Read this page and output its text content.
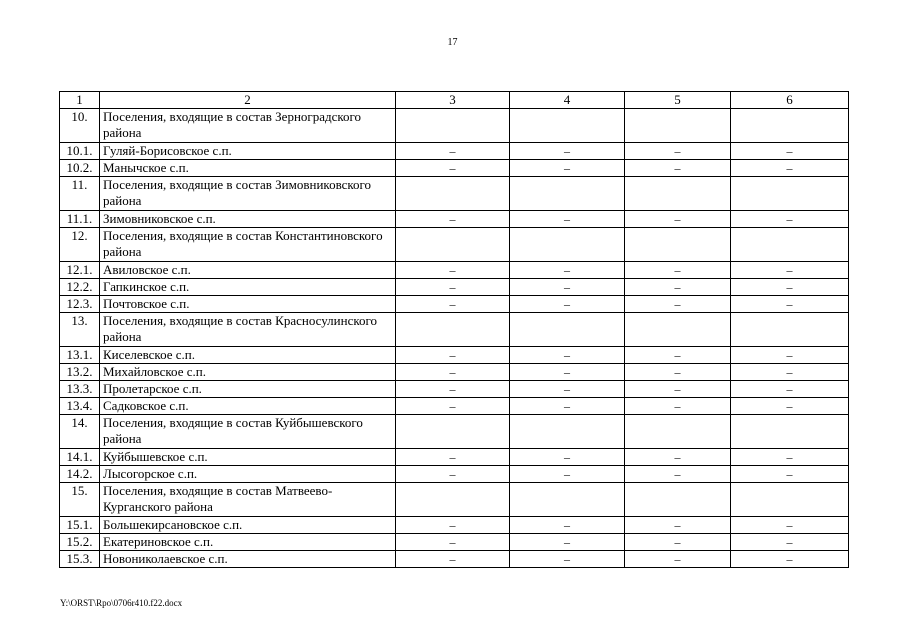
17
1	2	3	4	5	6
10.	Поселения, входящие в состав Зерноградского района				
10.1.	Гуляй-Борисовское с.п.	–	–	–	–
10.2.	Манычское с.п.	–	–	–	–
11.	Поселения, входящие в состав Зимовниковского района				
11.1.	Зимовниковское с.п.	–	–	–	–
12.	Поселения, входящие в состав Константиновского района				
12.1.	Авиловское с.п.	–	–	–	–
12.2.	Гапкинское с.п.	–	–	–	–
12.3.	Почтовское с.п.	–	–	–	–
13.	Поселения, входящие в состав Красносулинского района				
13.1.	Киселевское с.п.	–	–	–	–
13.2.	Михайловское с.п.	–	–	–	–
13.3.	Пролетарское с.п.	–	–	–	–
13.4.	Садковское с.п.	–	–	–	–
14.	Поселения, входящие в состав Куйбышевского района				
14.1.	Куйбышевское с.п.	–	–	–	–
14.2.	Лысогорское с.п.	–	–	–	–
15.	Поселения, входящие в состав Матвеево-Курганского района				
15.1.	Большекирсановское с.п.	–	–	–	–
15.2.	Екатериновское с.п.	–	–	–	–
15.3.	Новониколаевское с.п.	–	–	–	–
Y:\ORST\Rpo\0706r410.f22.docx
